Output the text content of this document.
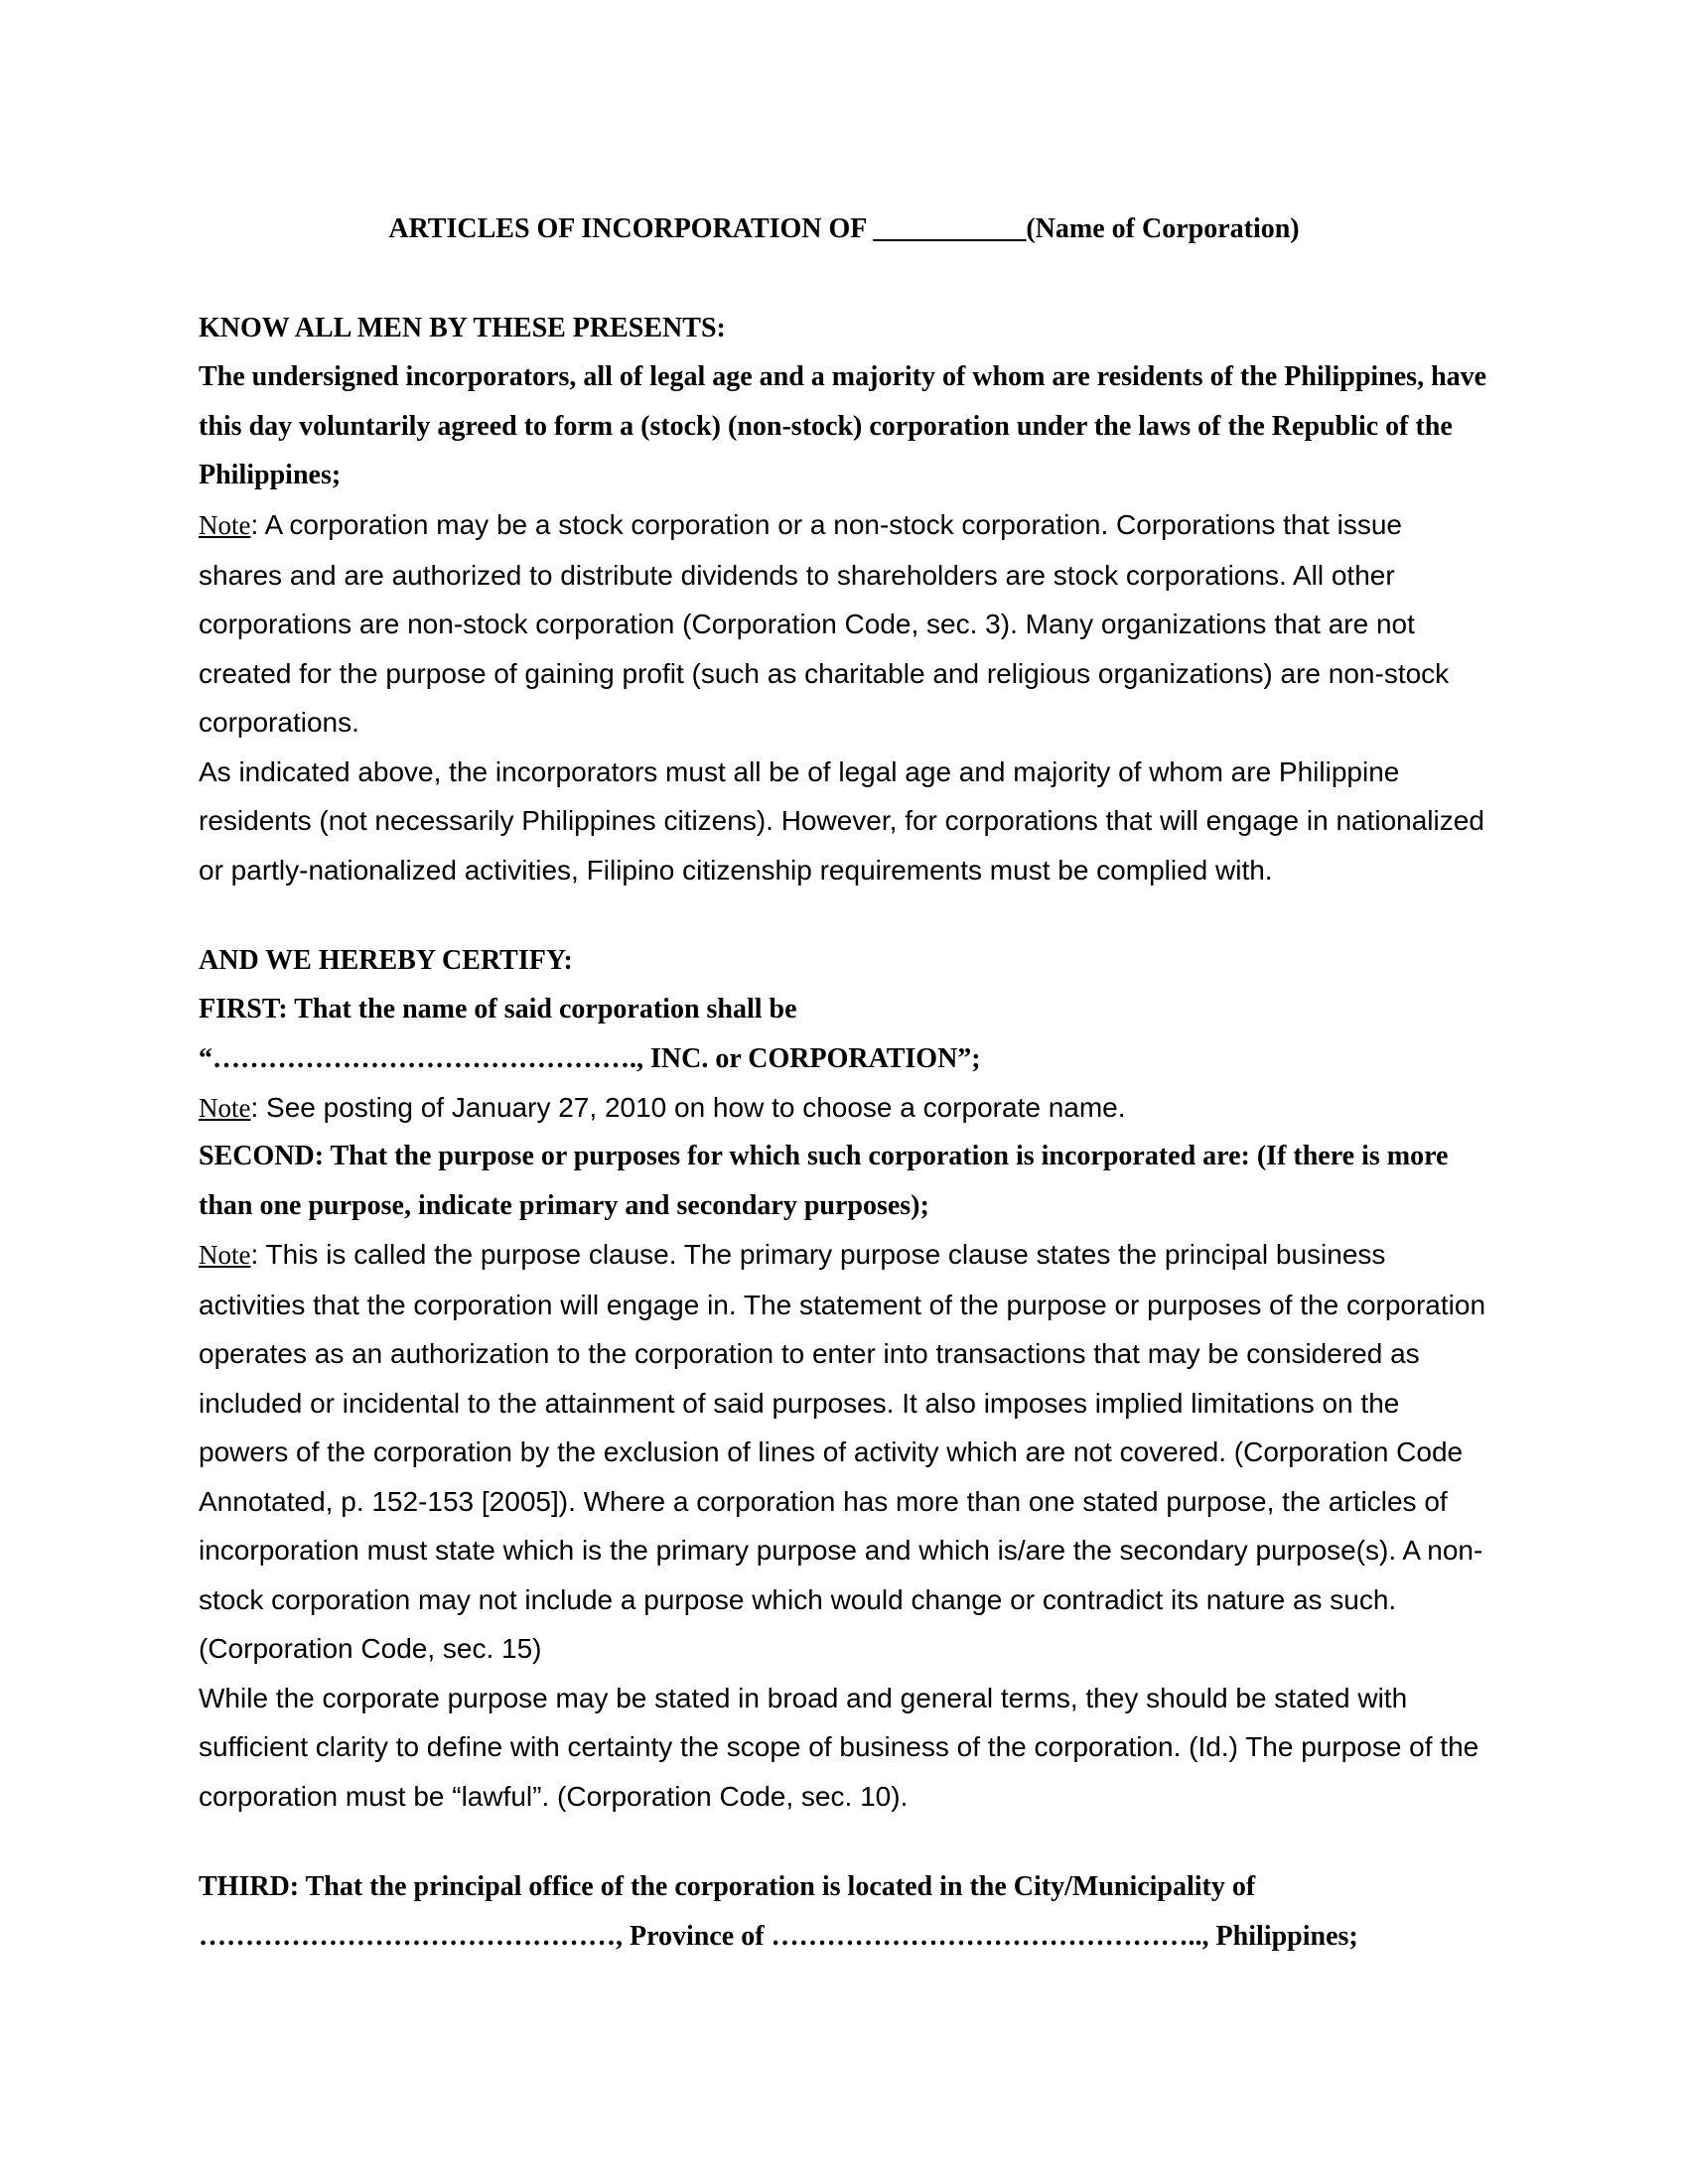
ARTICLES OF INCORPORATION OF ___________(Name of Corporation)
KNOW ALL MEN BY THESE PRESENTS:

The undersigned incorporators, all of legal age and a majority of whom are residents of the Philippines, have this day voluntarily agreed to form a (stock) (non-stock) corporation under the laws of the Republic of the Philippines;

Note: A corporation may be a stock corporation or a non-stock corporation. Corporations that issue shares and are authorized to distribute dividends to shareholders are stock corporations. All other corporations are non-stock corporation (Corporation Code, sec. 3). Many organizations that are not created for the purpose of gaining profit (such as charitable and religious organizations) are non-stock corporations.

As indicated above, the incorporators must all be of legal age and majority of whom are Philippine residents (not necessarily Philippines citizens). However, for corporations that will engage in nationalized or partly-nationalized activities, Filipino citizenship requirements must be complied with.

AND WE HEREBY CERTIFY:

FIRST: That the name of said corporation shall be

“………………………………………., INC. or CORPORATION”;

Note: See posting of January 27, 2010 on how to choose a corporate name.

SECOND: That the purpose or purposes for which such corporation is incorporated are: (If there is more than one purpose, indicate primary and secondary purposes);

Note: This is called the purpose clause. The primary purpose clause states the principal business activities that the corporation will engage in. The statement of the purpose or purposes of the corporation operates as an authorization to the corporation to enter into transactions that may be considered as included or incidental to the attainment of said purposes. It also imposes implied limitations on the powers of the corporation by the exclusion of lines of activity which are not covered. (Corporation Code Annotated, p. 152-153 [2005]). Where a corporation has more than one stated purpose, the articles of incorporation must state which is the primary purpose and which is/are the secondary purpose(s). A non-stock corporation may not include a purpose which would change or contradict its nature as such. (Corporation Code, sec. 15)

While the corporate purpose may be stated in broad and general terms, they should be stated with sufficient clarity to define with certainty the scope of business of the corporation. (Id.) The purpose of the corporation must be “lawful”. (Corporation Code, sec. 10).

THIRD: That the principal office of the corporation is located in the City/Municipality of

………………………………………, Province of ……………………………………….., Philippines;
